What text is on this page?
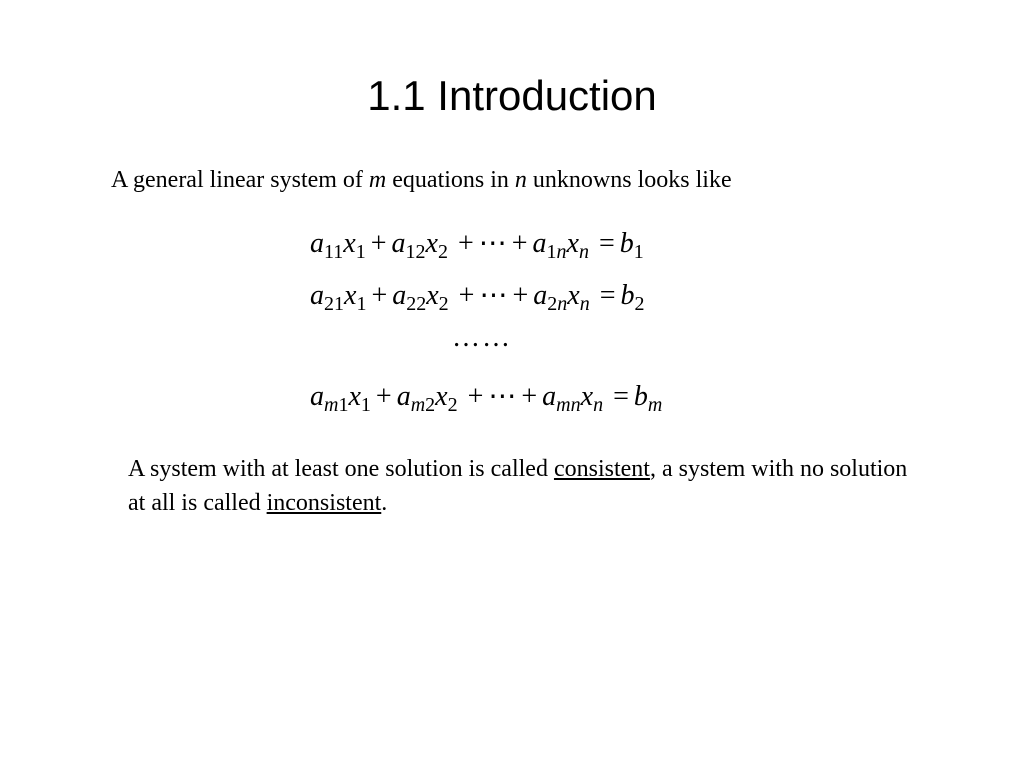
1.1 Introduction
A general linear system of m equations in n unknowns looks like
$a_{11}x_1 + a_{12}x_2$ + ⋯ + $a_{1n}x_n = b_1$
$a_{21}x_1 + a_{22}x_2$ + ⋯ + $a_{2n}x_n = b_2$
……
$a_{m1}x_1 + a_{m2}x_2$ + ⋯ + $a_{mn}x_n = b_m$
A system with at least one solution is called consistent, a system with no solution at all is called inconsistent.
